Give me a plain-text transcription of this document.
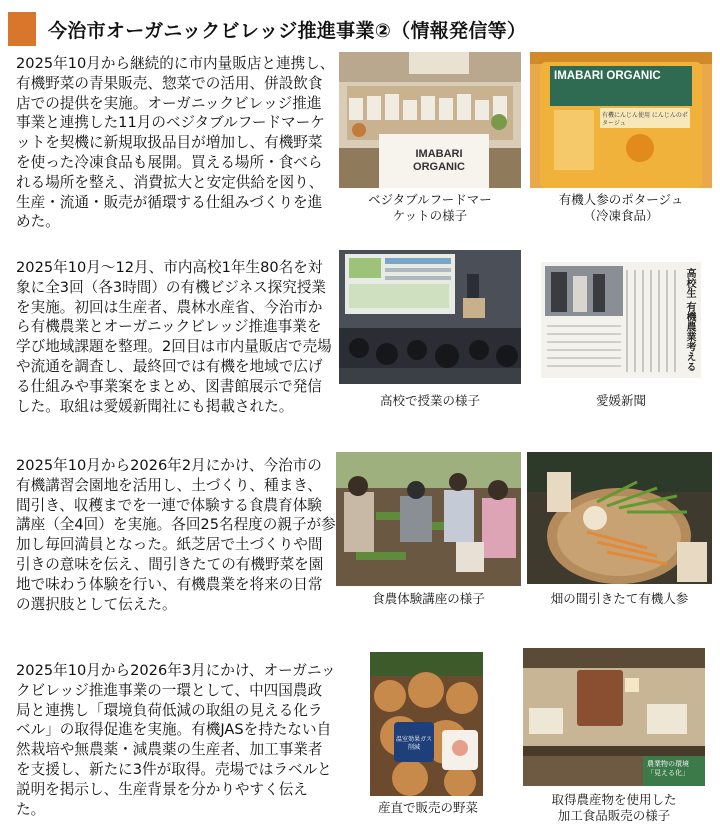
今治市オーガニックビレッジ推進事業②（情報発信等）

2025年10月から継続的に市内量販店と連携し、有機野菜の青果販売、惣菜での活用、併設飲食店での提供を実施。オーガニックビレッジ推進事業と連携した11月のベジタブルフードマーケットを契機に新規取扱品目が増加し、有機野菜を使った冷凍食品も展開。買える場所・食べられる場所を整え、消費拡大と安定供給を図り、生産・流通・販売が循環する仕組みづくりを進めた。

IMABARI
ORGANIC
ベジタブルフードマー
ケットの様子
IMABARI ORGANIC
有機にんじん使用 にんじんのポタージュ
有機人参のポタージュ
（冷凍食品）

2025年10月～12月、市内高校1年生80名を対象に全3回（各3時間）の有機ビジネス探究授業を実施。初回は生産者、農林水産省、今治市から有機農業とオーガニックビレッジ推進事業を学び地域課題を整理。2回目は市内量販店で売場や流通を調査し、最終回では有機を地域で広げる仕組みや事業案をまとめ、図書館展示で発信した。取組は愛媛新聞社にも掲載された。	高校で授業の様子
高校生 有機農業考える
愛媛新聞

2025年10月から2026年2月にかけ、今治市の有機講習会園地を活用し、土づくり、種まき、間引き、収穫までを一連で体験する食農育体験講座（全4回）を実施。各回25名程度の親子が参加し毎回満員となった。紙芝居で土づくりや間引きの意味を伝え、間引きたての有機野菜を園地で味わう体験を行い、有機農業を将来の日常の選択肢として伝えた。	食農体験講座の様子	畑の間引きたて有機人参

2025年10月から2026年3月にかけ、オーガニックビレッジ推進事業の一環として、中四国農政局と連携し「環境負荷低減の取組の見える化ラベル」の取得促進を実施。有機JASを持たない自然栽培や無農薬・減農薬の生産者、加工事業者を支援し、新たに3件が取得。売場ではラベルと説明を掲示し、生産背景を分かりやすく伝えた。

温室効果ガス
削減
産直で販売の野菜
農業物の環境
「見える化」
取得農産物を使用した
加工食品販売の様子
